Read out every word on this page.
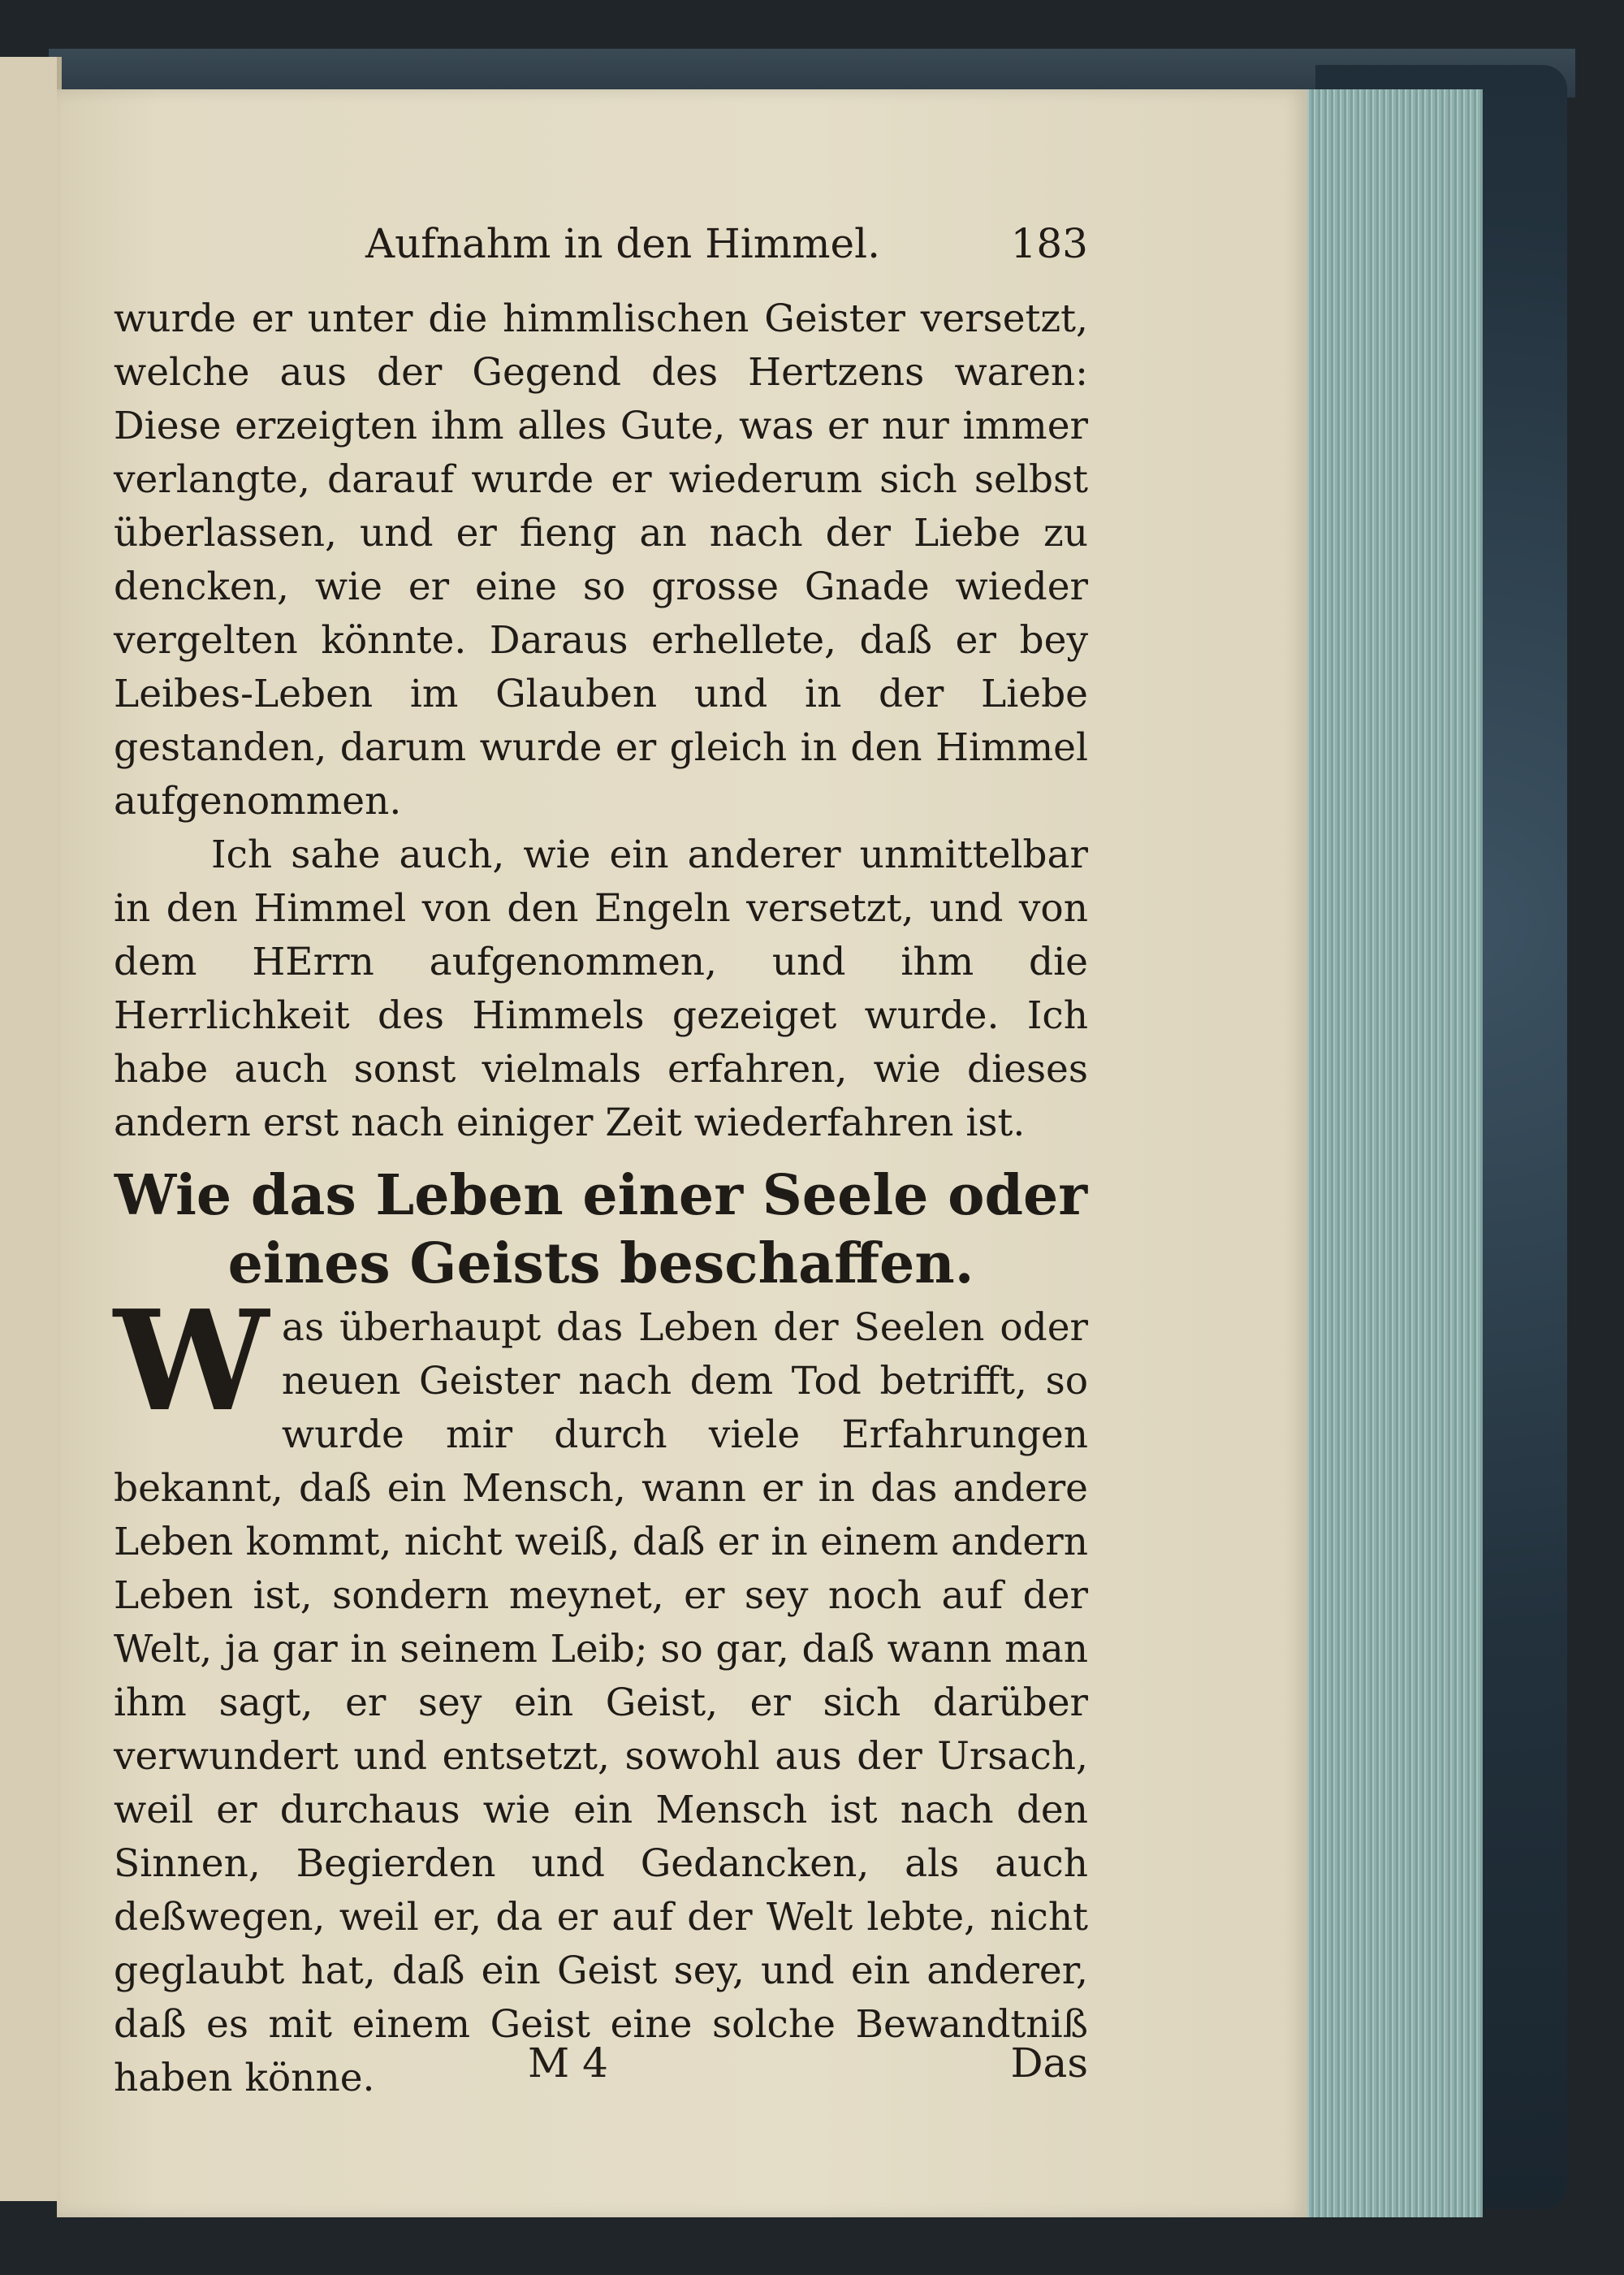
Aufnahm in den Himmel.	183

wurde er unter die himmlischen Geister versetzt, welche aus der Gegend des Hertzens waren: Diese erzeigten ihm alles Gute, was er nur immer verlangte, darauf wurde er wiederum sich selbst überlassen, und er fieng an nach der Liebe zu dencken, wie er eine so grosse Gnade wieder vergelten könnte. Daraus erhellete, daß er bey Leibes-Leben im Glauben und in der Liebe gestanden, darum wurde er gleich in den Himmel aufgenommen.

Ich sahe auch, wie ein anderer unmittelbar in den Himmel von den Engeln versetzt, und von dem HErrn aufgenommen, und ihm die Herrlichkeit des Himmels gezeiget wurde. Ich habe auch sonst vielmals erfahren, wie dieses andern erst nach einiger Zeit wiederfahren ist.

Wie das Leben einer Seele oder eines Geists beschaffen.

W as überhaupt das Leben der Seelen oder neuen Geister nach dem Tod betrifft, so wurde mir durch viele Erfahrungen bekannt, daß ein Mensch, wann er in das andere Leben kommt, nicht weiß, daß er in einem andern Leben ist, sondern meynet, er sey noch auf der Welt, ja gar in seinem Leib; so gar, daß wann man ihm sagt, er sey ein Geist, er sich darüber verwundert und entsetzt, sowohl aus der Ursach, weil er durchaus wie ein Mensch ist nach den Sinnen, Begierden und Gedancken, als auch deßwegen, weil er, da er auf der Welt lebte, nicht geglaubt hat, daß ein Geist sey, und ein anderer, daß es mit einem Geist eine solche Bewandtniß haben könne.	M 4	Das
